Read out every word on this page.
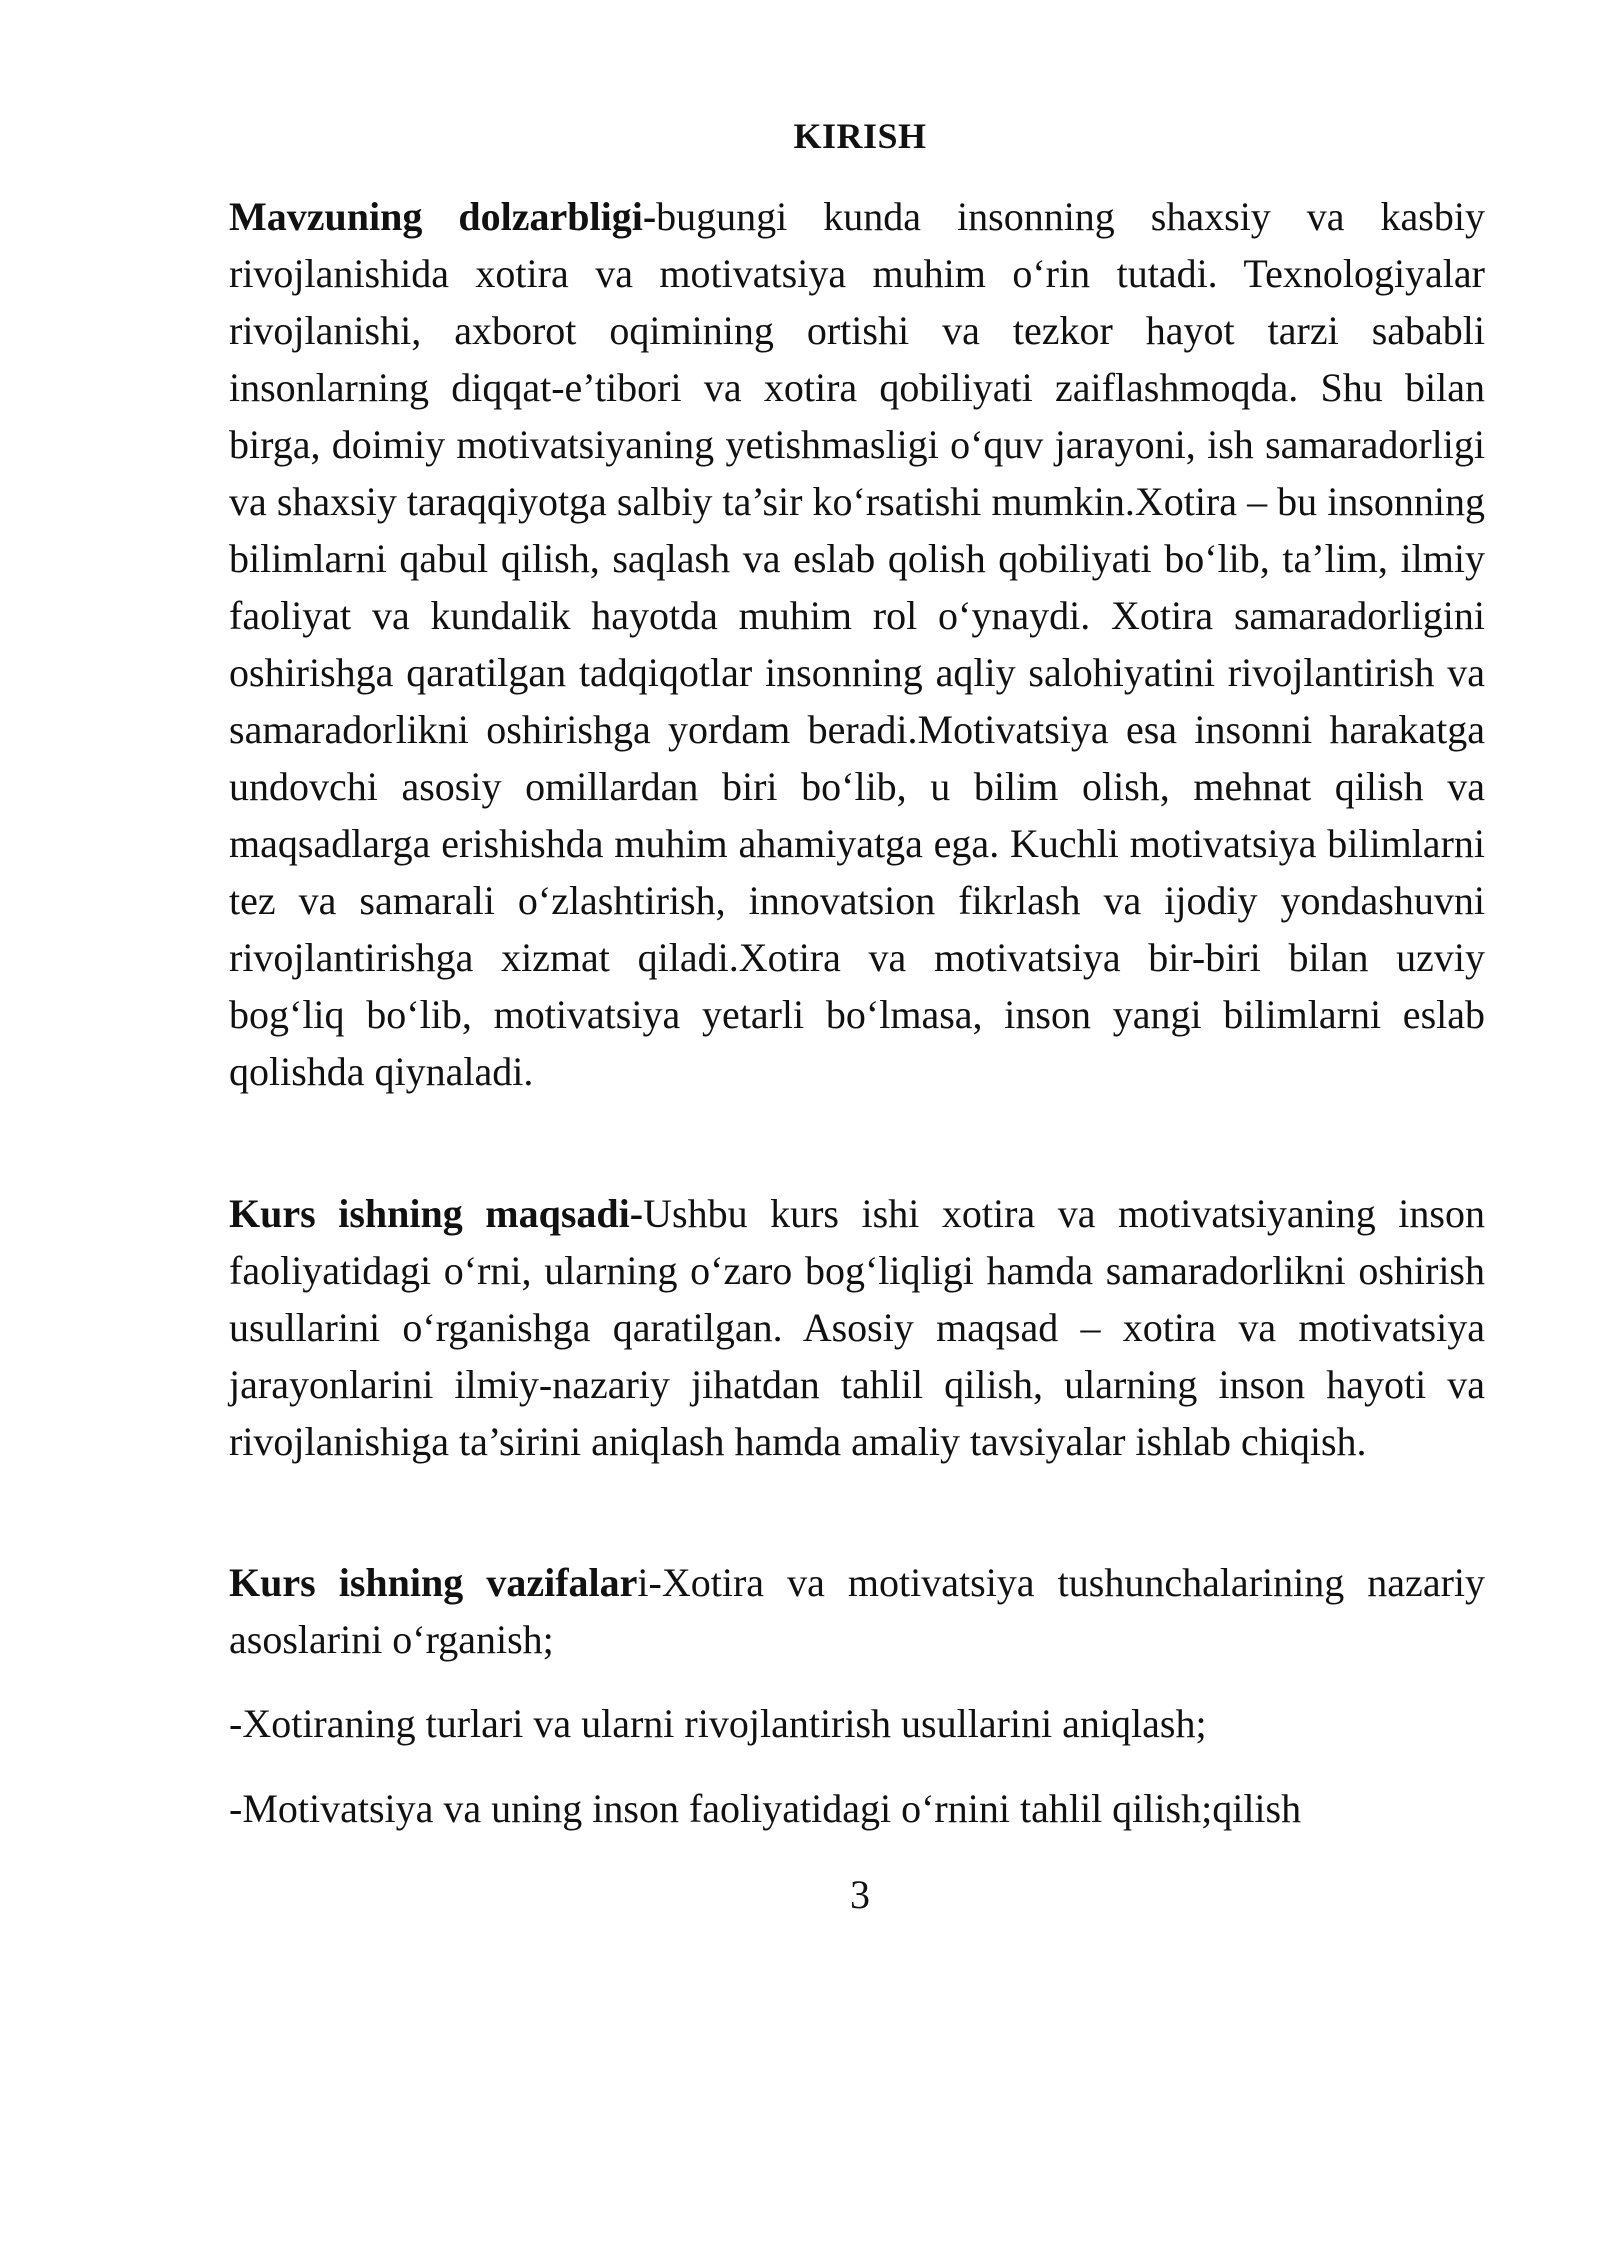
KIRISH

Mavzuning dolzarbligi-bugungi kunda insonning shaxsiy va kasbiy rivojlanishida xotira va motivatsiya muhim o‘rin tutadi. Texnologiyalar rivojlanishi, axborot oqimining ortishi va tezkor hayot tarzi sababli insonlarning diqqat-e’tibori va xotira qobiliyati zaiflashmoqda. Shu bilan birga, doimiy motivatsiyaning yetishmasligi o‘quv jarayoni, ish samaradorligi va shaxsiy taraqqiyotga salbiy ta’sir ko‘rsatishi mumkin.Xotira – bu insonning bilimlarni qabul qilish, saqlash va eslab qolish qobiliyati bo‘lib, ta’lim, ilmiy faoliyat va kundalik hayotda muhim rol o‘ynaydi. Xotira samaradorligini oshirishga qaratilgan tadqiqotlar insonning aqliy salohiyatini rivojlantirish va samaradorlikni oshirishga yordam beradi.Motivatsiya esa insonni harakatga undovchi asosiy omillardan biri bo‘lib, u bilim olish, mehnat qilish va maqsadlarga erishishda muhim ahamiyatga ega. Kuchli motivatsiya bilimlarni tez va samarali o‘zlashtirish, innovatsion fikrlash va ijodiy yondashuvni rivojlantirishga xizmat qiladi.Xotira va motivatsiya bir-biri bilan uzviy bog‘liq bo‘lib, motivatsiya yetarli bo‘lmasa, inson yangi bilimlarni eslab qolishda qiynaladi.

Kurs ishning maqsadi-Ushbu kurs ishi xotira va motivatsiyaning inson faoliyatidagi o‘rni, ularning o‘zaro bog‘liqligi hamda samaradorlikni oshirish usullarini o‘rganishga qaratilgan. Asosiy maqsad – xotira va motivatsiya jarayonlarini ilmiy-nazariy jihatdan tahlil qilish, ularning inson hayoti va rivojlanishiga ta’sirini aniqlash hamda amaliy tavsiyalar ishlab chiqish.

Kurs ishning vazifalari-Xotira va motivatsiya tushunchalarining nazariy asoslarini o‘rganish;

-Xotiraning turlari va ularni rivojlantirish usullarini aniqlash;

-Motivatsiya va uning inson faoliyatidagi o‘rnini tahlil qilish;qilish

3
